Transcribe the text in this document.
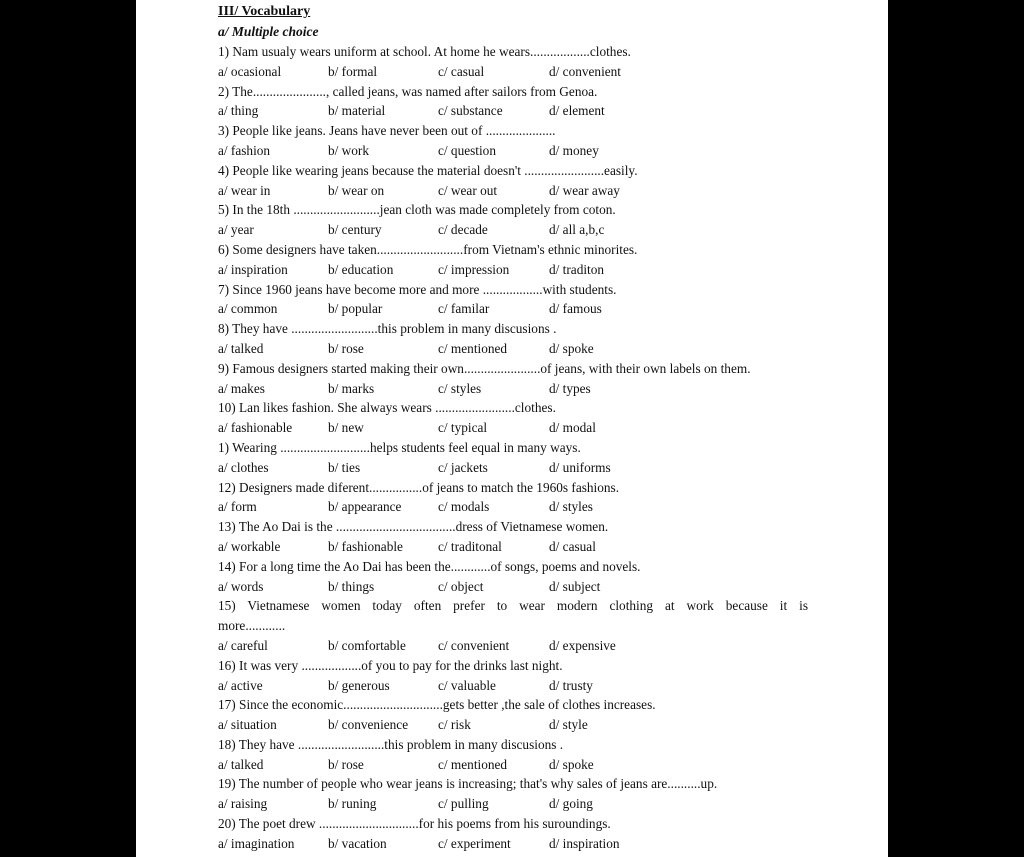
III/ Vocabulary
a/ Multiple choice
1) Nam usualy wears uniform at school. At home he wears..................clothes.
a/ ocasional	b/ formal	c/ casual	d/ convenient
2) The......................, called jeans, was named after sailors from Genoa.
a/ thing	b/ material	c/ substance	d/ element
3) People like jeans. Jeans have never been out of .....................
a/ fashion	b/ work	c/ question	d/ money
4) People like wearing jeans because the material doesn't ........................easily.
a/ wear in	b/ wear on	c/ wear out	d/ wear away
5) In the 18th ..........................jean cloth was made completely from coton.
a/ year	b/ century	c/ decade	d/ all a,b,c
6) Some designers have taken..........................from Vietnam's ethnic minorites.
a/ inspiration	b/ education	c/ impression	d/ traditon
7) Since 1960 jeans have become more and more ..................with students.
a/ common	b/ popular	c/ familar	d/ famous
8) They have ..........................this problem in many discusions .
a/ talked	b/ rose	c/ mentioned	d/ spoke
9) Famous designers started making their own.......................of jeans, with their own labels on them.
a/ makes	b/ marks	c/ styles	d/ types
10) Lan likes fashion. She always wears ........................clothes.
a/ fashionable	b/ new	c/ typical	d/ modal
1) Wearing ...........................helps students feel equal in many ways.
a/ clothes	b/ ties	c/ jackets	d/ uniforms
12) Designers made diferent................of jeans to match the 1960s fashions.
a/ form	b/ appearance	c/ modals	d/ styles
13) The Ao Dai is the ....................................dress of Vietnamese women.
a/ workable	b/ fashionable	c/ traditonal	d/ casual
14) For a long time the Ao Dai has been the............of songs, poems and novels.
a/ words	b/ things	c/ object	d/ subject
15) Vietnamese women today often prefer to wear modern clothing at work because it is
more............
a/ careful	b/ comfortable	c/ convenient	d/ expensive
16) It was very ..................of you to pay for the drinks last night.
a/ active	b/ generous	c/ valuable	d/ trusty
17) Since the economic..............................gets better ,the sale of clothes increases.
a/ situation	b/ convenience	c/ risk	d/ style
18) They have ..........................this problem in many discusions .
a/ talked	b/ rose	c/ mentioned	d/ spoke
19) The number of people who wear jeans is increasing; that's why sales of jeans are..........up.
a/ raising	b/ runing	c/ pulling	d/ going
20) The poet drew ..............................for his poems from his suroundings.
a/ imagination	b/ vacation	c/ experiment	d/ inspiration
